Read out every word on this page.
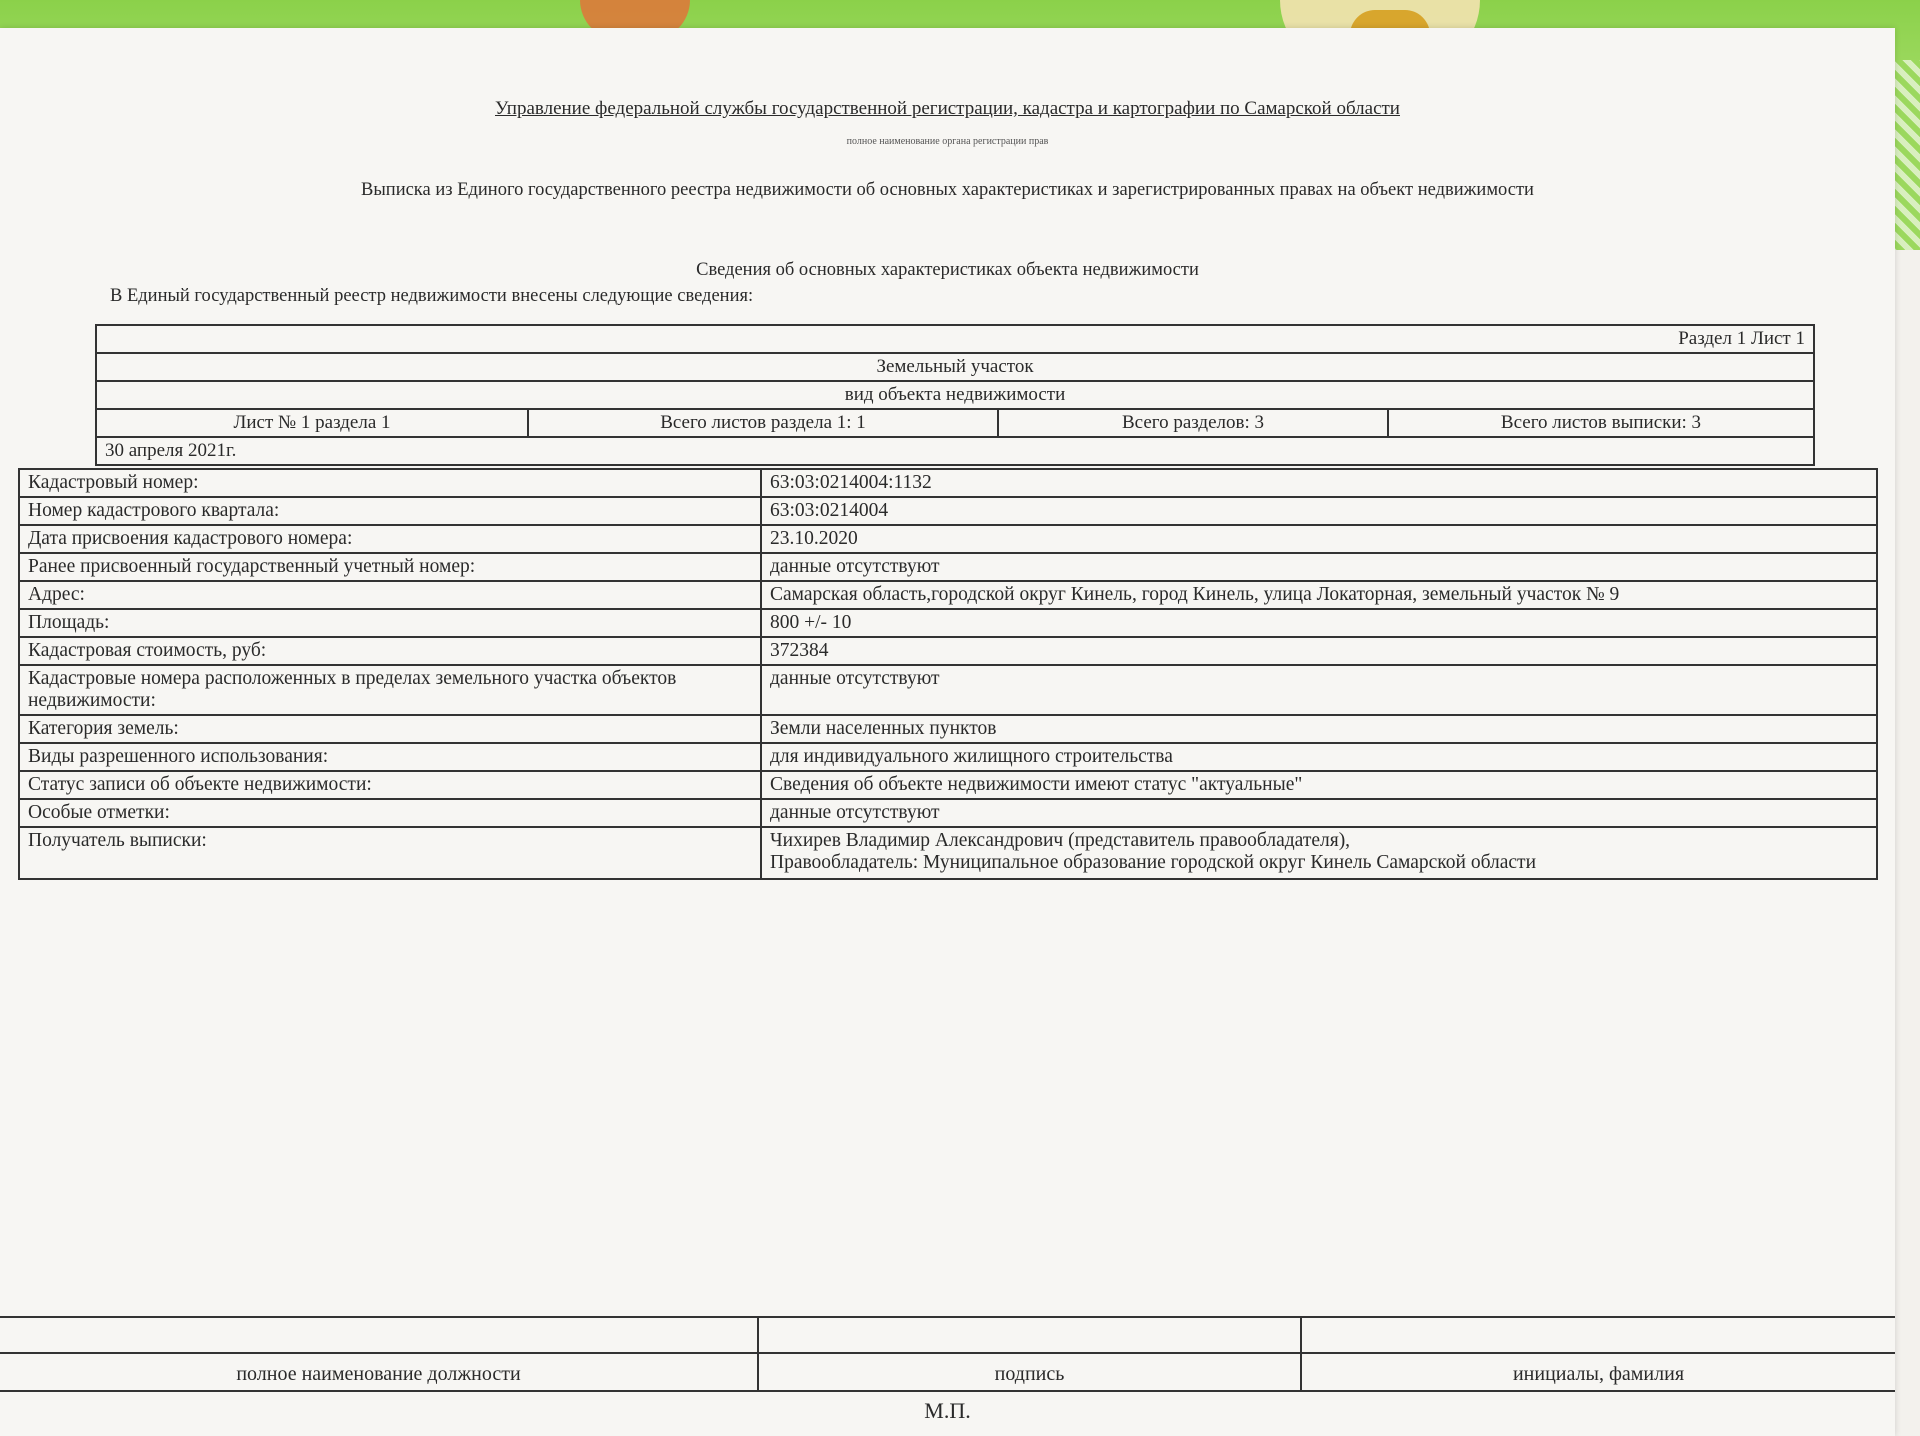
Управление федеральной службы государственной регистрации, кадастра и картографии по Самарской области
полное наименование органа регистрации прав
Выписка из Единого государственного реестра недвижимости об основных характеристиках и зарегистрированных правах на объект недвижимости
Сведения об основных характеристиках объекта недвижимости
В Единый государственный реестр недвижимости внесены следующие сведения:
Раздел 1 Лист 1
Земельный участок
вид объекта недвижимости
Лист № 1 раздела 1	Всего листов раздела 1: 1	Всего разделов: 3	Всего листов выписки: 3
30 апреля 2021г.
Кадастровый номер:	63:03:0214004:1132
Номер кадастрового квартала:	63:03:0214004
Дата присвоения кадастрового номера:	23.10.2020
Ранее присвоенный государственный учетный номер:	данные отсутствуют
Адрес:	Самарская область,городской округ Кинель, город Кинель, улица Локаторная, земельный участок № 9
Площадь:	800 +/- 10
Кадастровая стоимость, руб:	372384
Кадастровые номера расположенных в пределах земельного участка объектов недвижимости:
данные отсутствуют
Категория земель:	Земли населенных пунктов
Виды разрешенного использования:	для индивидуального жилищного строительства
Статус записи об объекте недвижимости:	Сведения об объекте недвижимости имеют статус "актуальные"
Особые отметки:	данные отсутствуют
Получатель выписки:	Чихирев Владимир Александрович (представитель правообладателя),
Правообладатель: Муниципальное образование городской округ Кинель Самарской области
полное наименование должности	подпись	инициалы, фамилия
М.П.
